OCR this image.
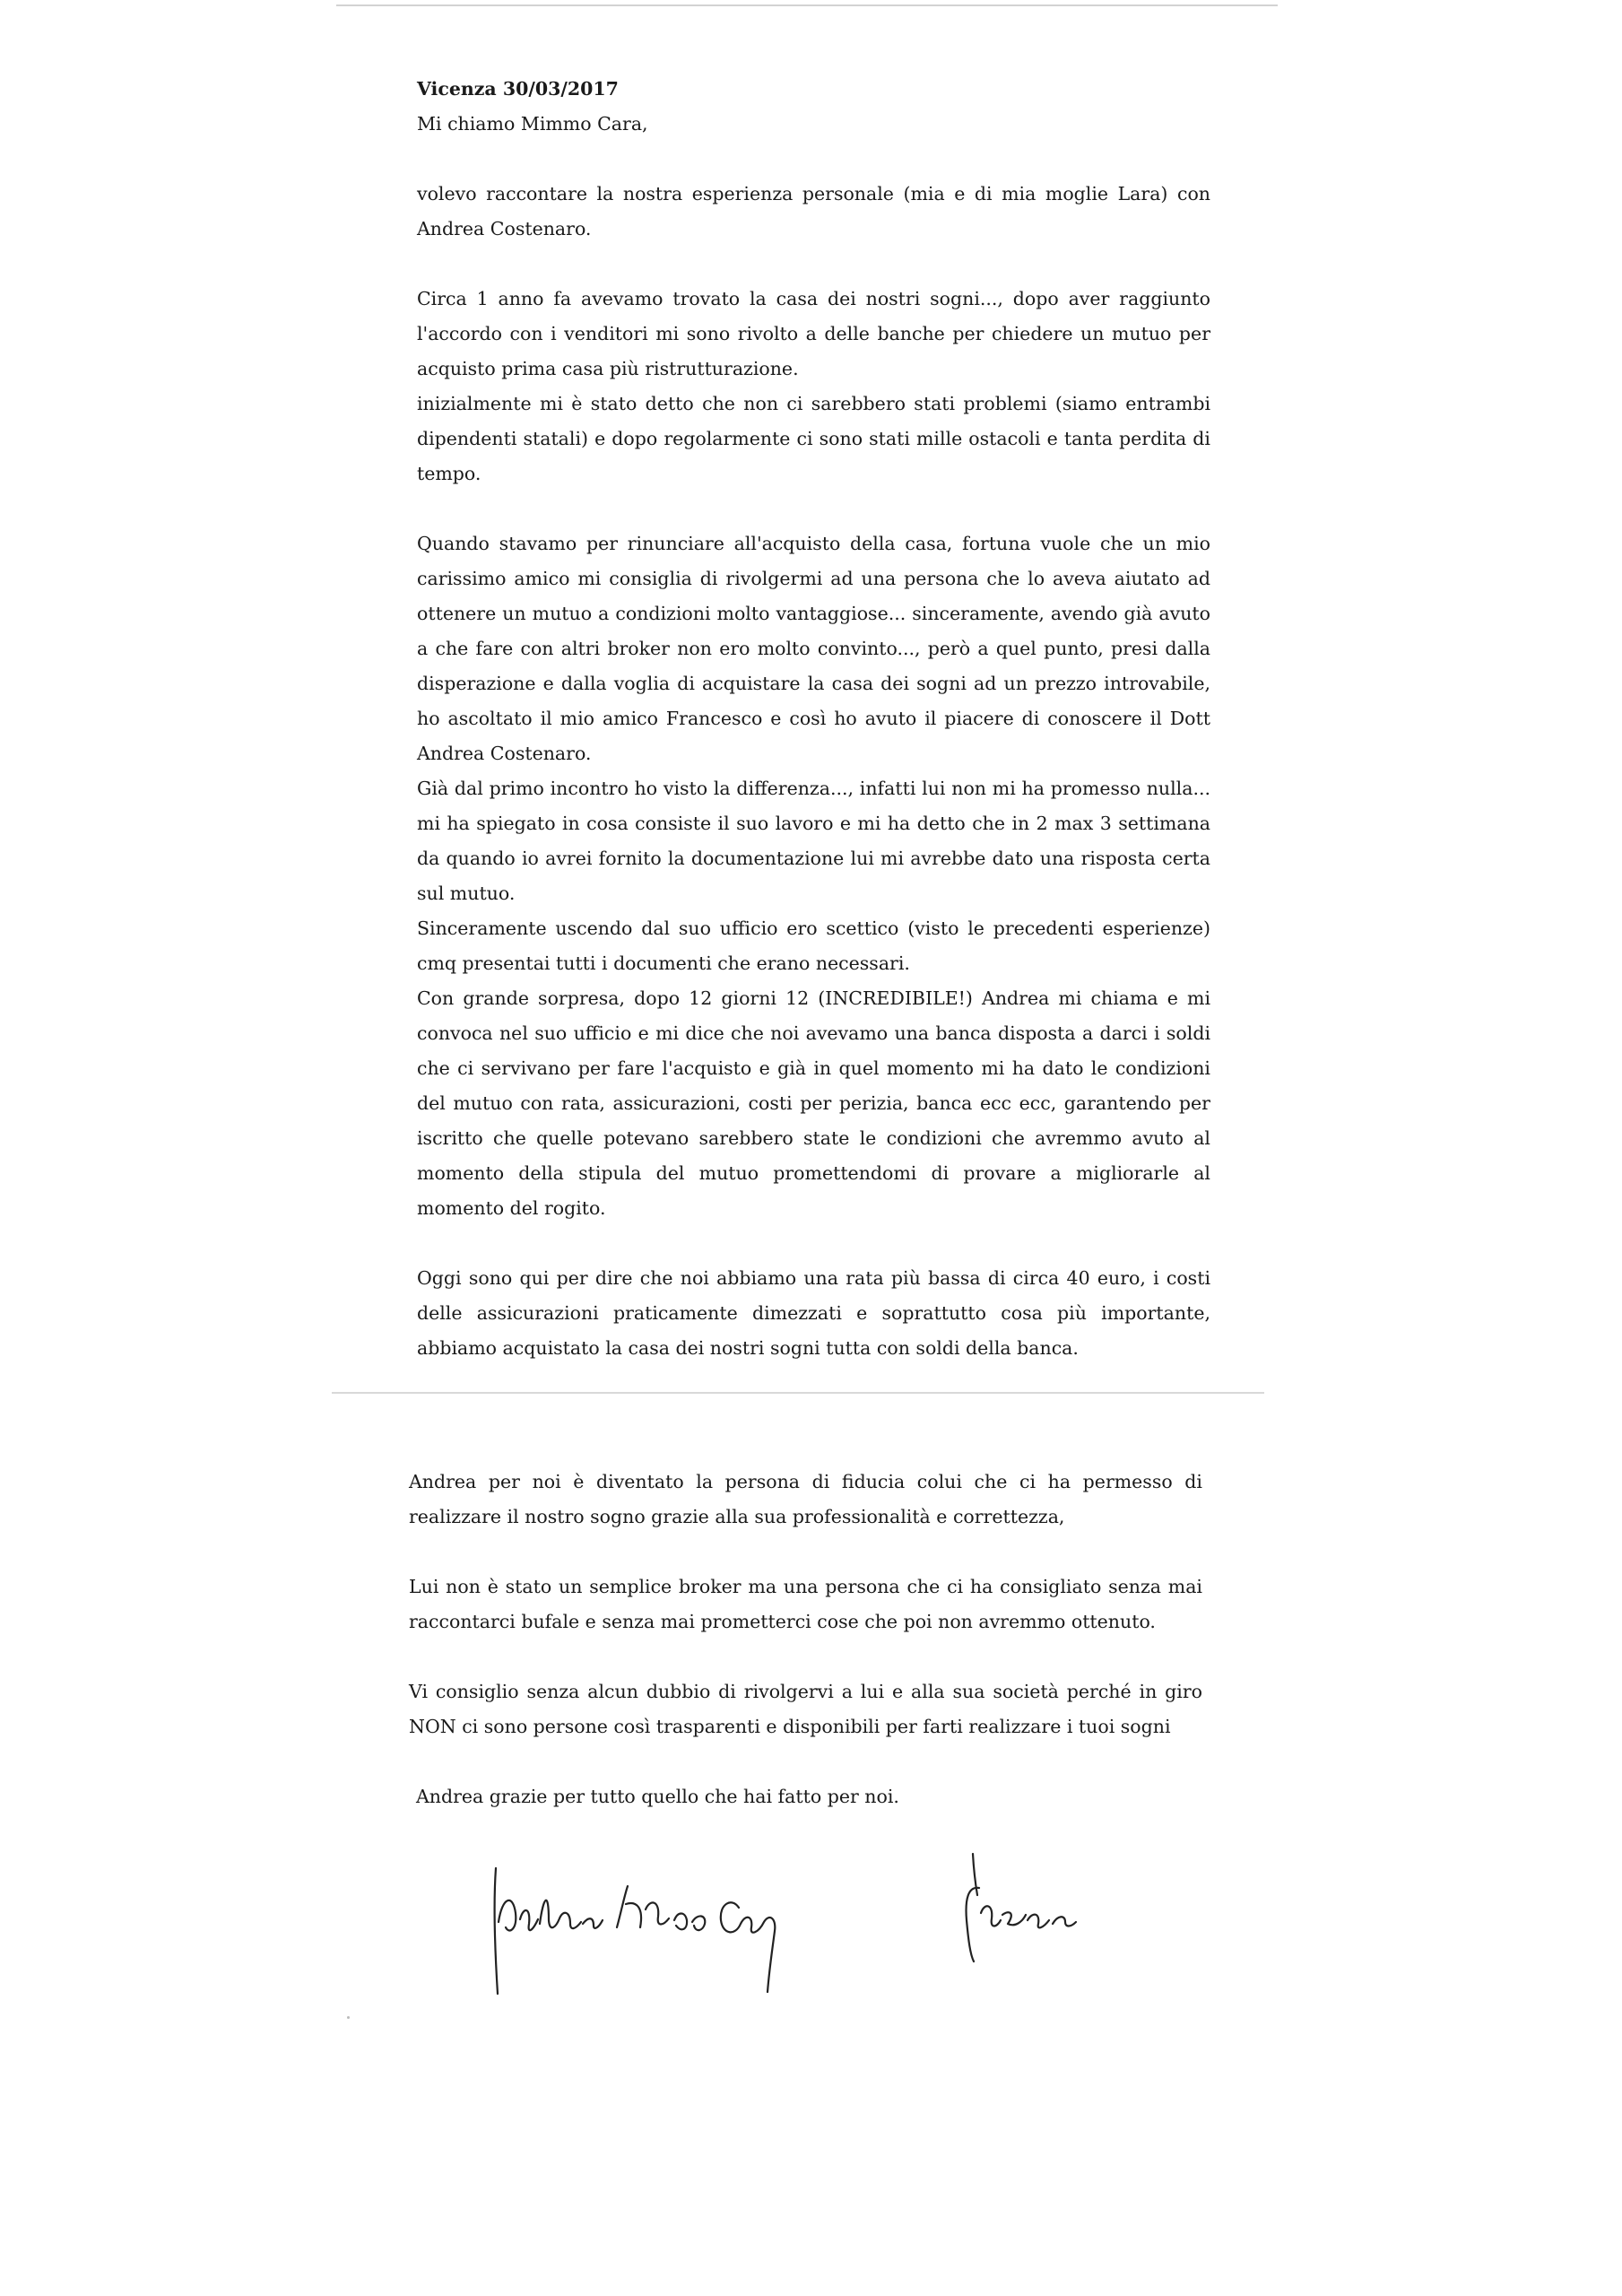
Vicenza 30/03/2017

Mi chiamo Mimmo Cara,

volevo raccontare la nostra esperienza personale (mia e di mia moglie Lara) con Andrea Costenaro.
Circa 1 anno fa avevamo trovato la casa dei nostri sogni..., dopo aver raggiunto l'accordo con i venditori mi sono rivolto a delle banche per chiedere un mutuo per acquisto prima casa più ristrutturazione.
inizialmente mi è stato detto che non ci sarebbero stati problemi (siamo entrambi dipendenti statali) e dopo regolarmente ci sono stati mille ostacoli e tanta perdita di tempo.
Quando stavamo per rinunciare all'acquisto della casa, fortuna vuole che un mio carissimo amico mi consiglia di rivolgermi ad una persona che lo aveva aiutato ad ottenere un mutuo a condizioni molto vantaggiose... sinceramente, avendo già avuto a che fare con altri broker non ero molto convinto..., però a quel punto, presi dalla disperazione e dalla voglia di acquistare la casa dei sogni ad un prezzo introvabile, ho ascoltato il mio amico Francesco e così ho avuto il piacere di conoscere il Dott Andrea Costenaro.
Già dal primo incontro ho visto la differenza..., infatti lui non mi ha promesso nulla... mi ha spiegato in cosa consiste il suo lavoro e mi ha detto che in 2 max 3 settimana da quando io avrei fornito la documentazione lui mi avrebbe dato una risposta certa sul mutuo.
Sinceramente uscendo dal suo ufficio ero scettico (visto le precedenti esperienze) cmq presentai tutti i documenti che erano necessari.
Con grande sorpresa, dopo 12 giorni 12 (INCREDIBILE!) Andrea mi chiama e mi convoca nel suo ufficio e mi dice che noi avevamo una banca disposta a darci i soldi che ci servivano per fare l'acquisto e già in quel momento mi ha dato le condizioni del mutuo con rata, assicurazioni, costi per perizia, banca ecc ecc, garantendo per iscritto che quelle potevano sarebbero state le condizioni che avremmo avuto al momento della stipula del mutuo promettendomi di provare a migliorarle al momento del rogito.
Oggi sono qui per dire che noi abbiamo una rata più bassa di circa 40 euro, i costi delle assicurazioni praticamente dimezzati e soprattutto cosa più importante, abbiamo acquistato la casa dei nostri sogni tutta con soldi della banca.

Andrea per noi è diventato la persona di fiducia colui che ci ha permesso di realizzare il nostro sogno grazie alla sua professionalità e correttezza,

Lui non è stato un semplice broker ma una persona che ci ha consigliato senza mai raccontarci bufale e senza mai prometterci cose che poi non avremmo ottenuto.

Vi consiglio senza alcun dubbio di rivolgervi a lui e alla sua società perché in giro NON ci sono persone così trasparenti e disponibili per farti realizzare i tuoi sogni

Andrea grazie per tutto quello che hai fatto per noi.
